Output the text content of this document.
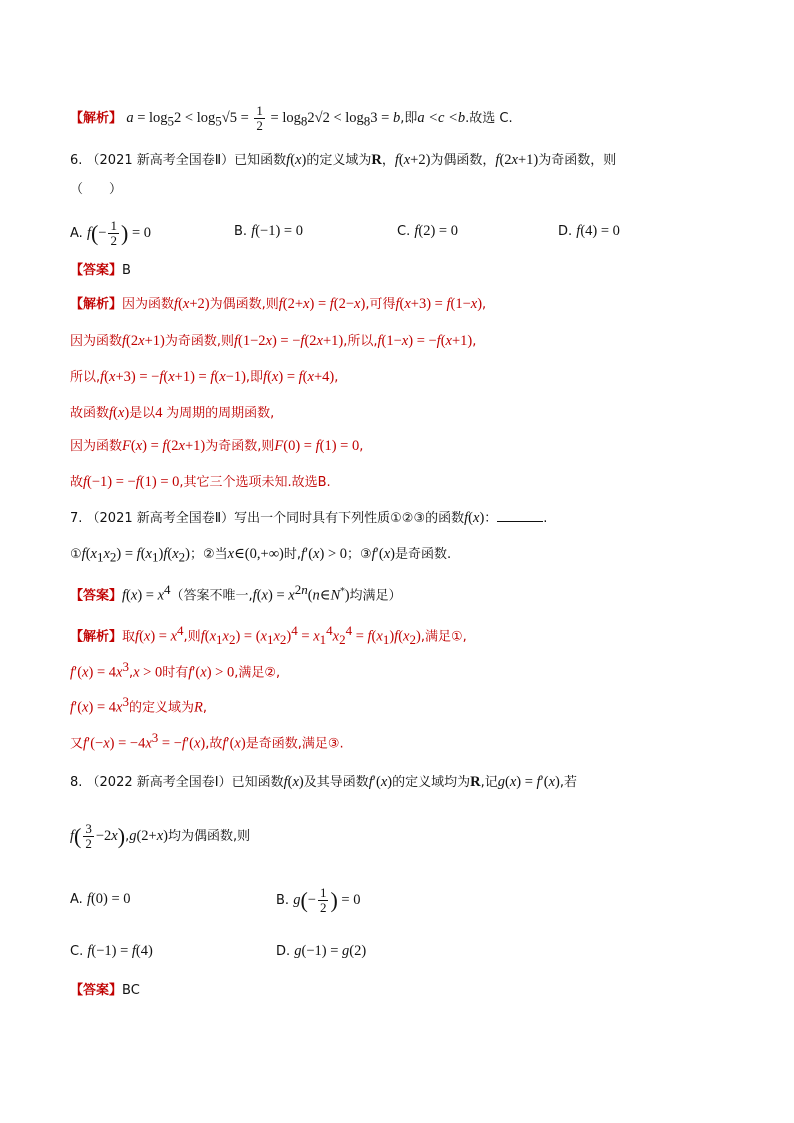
【解析】 $a = \log_52 < \log_5√5 = \frac{1}{2} = \log_82√2 < \log_83 = b$,即a <c <b.故选 C.
6. （2021 新高考全国卷Ⅱ）已知函数f(x)的定义域为R，f(x+2)为偶函数，f(2x+1)为奇函数，则
（　　）
A. $f(- \frac{1}{2}$ ) = 0	B. f(−1) = 0	C. f(2) = 0	D. f(4) = 0
【答案】B
【解析】因为函数f(x+2)为偶函数,则f(2+x) = f(2−x),可得f(x+3) = f(1−x),
因为函数f(2x+1)为奇函数,则f(1−2x) = −f(2x+1),所以,f(1−x) = −f(x+1),
所以,f(x+3) = −f(x+1) = f(x−1),即f(x) = f(x+4),
故函数f(x)是以4 为周期的周期函数,
因为函数F(x) = f(2x+1)为奇函数,则F(0) = f(1) = 0,
故f(−1) = −f(1) = 0,其它三个选项未知.故选B.
7. （2021 新高考全国卷Ⅱ）写出一个同时具有下列性质①②③的函数f(x)：	.
$①f(x_1x_2) = f(x_1)f(x_2)$；②当x∈(0,+∞)时,f′(x) > 0；③f′(x)是奇函数.
【答案】$f(x) = x^4$（答案不唯一$,f(x) = x^{2n}(n\in N^*)$均满足）
【解析】取$f(x) = x^4$,则$f(x_1x_2) = (x_1x_2)^4 = x_1^4x_2^4 = f(x_1)f(x_2)$,满足①,
$f'(x) = 4x^3,x > 0$时有f′(x) > 0,满足②,
$f'(x) = 4x^3$的定义域为R,
又$f'(-x) = -4x^3 = -f'(x)$,故f′(x)是奇函数,满足③.
8. （2022 新高考全国卷Ⅰ）已知函数f(x)及其导函数f′(x)的定义域均为R,记g(x) = f′(x),若
$f( \frac{3}{2} -2x),g(2+x)$均为偶函数,则
A. f(0) = 0	B. $g(- \frac{1}{2}$ ) = 0
C. f(−1) = f(4)	D. g(−1) = g(2)
【答案】BC
